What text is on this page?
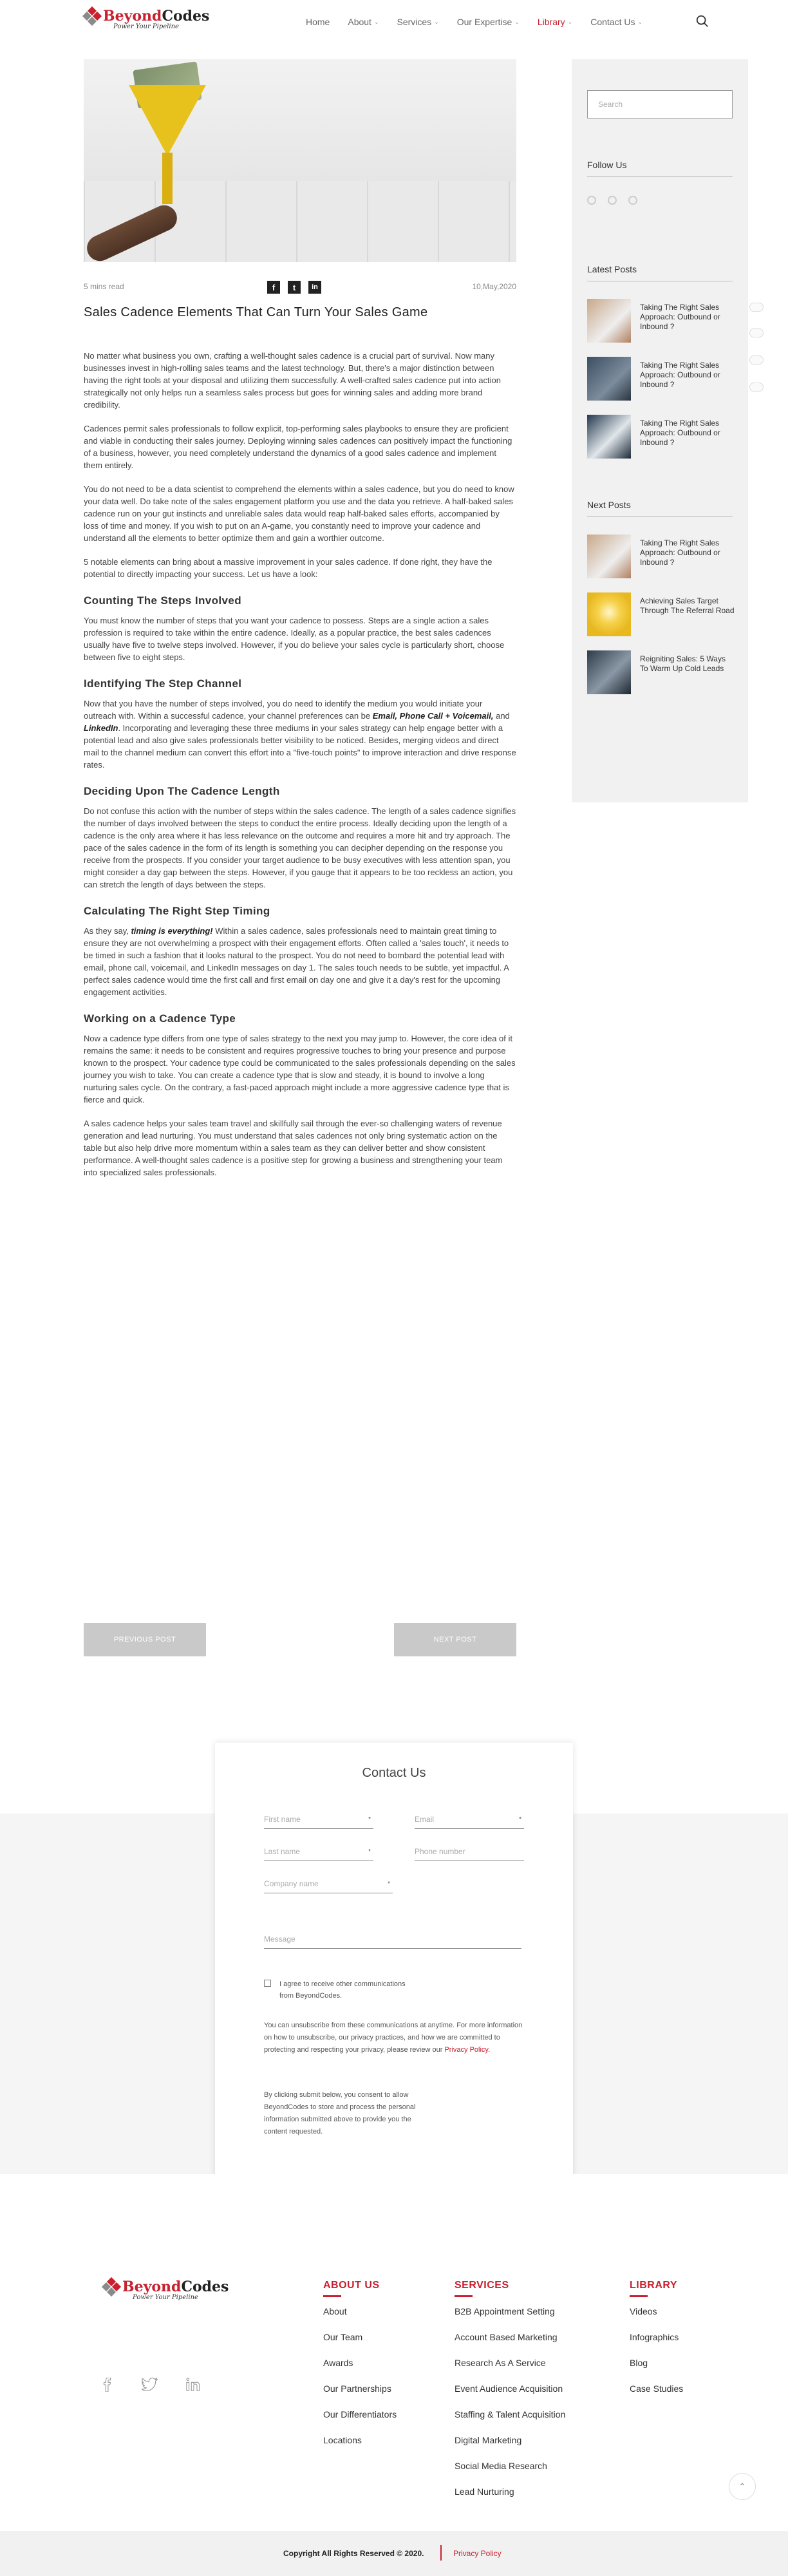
BeyondCodes
Power Your Pipeline	Home About ⌄ Services ⌄ Our Expertise ⌄ Library ⌄ Contact Us ⌄
5 mins read	f	t	in	10,May,2020
Sales Cadence Elements That Can Turn Your Sales Game

No matter what business you own, crafting a well-thought sales cadence is a crucial part of survival. Now many businesses invest in high-rolling sales teams and the latest technology. But, there's a major distinction between having the right tools at your disposal and utilizing them successfully. A well-crafted sales cadence put into action strategically not only helps run a seamless sales process but goes for winning sales and adding more brand credibility.

Cadences permit sales professionals to follow explicit, top-performing sales playbooks to ensure they are proficient and viable in conducting their sales journey. Deploying winning sales cadences can positively impact the functioning of a business, however, you need completely understand the dynamics of a good sales cadence and implement them entirely.

You do not need to be a data scientist to comprehend the elements within a sales cadence, but you do need to know your data well. Do take note of the sales engagement platform you use and the data you retrieve. A half-baked sales cadence run on your gut instincts and unreliable sales data would reap half-baked sales efforts, accompanied by loss of time and money. If you wish to put on an A-game, you constantly need to improve your cadence and understand all the elements to better optimize them and gain a worthier outcome.

5 notable elements can bring about a massive improvement in your sales cadence. If done right, they have the potential to directly impacting your success. Let us have a look:

Counting The Steps Involved

You must know the number of steps that you want your cadence to possess. Steps are a single action a sales profession is required to take within the entire cadence. Ideally, as a popular practice, the best sales cadences usually have five to twelve steps involved. However, if you do believe your sales cycle is particularly short, choose between five to eight steps.

Identifying The Step Channel

Now that you have the number of steps involved, you do need to identify the medium you would initiate your outreach with. Within a successful cadence, your channel preferences can be Email, Phone Call + Voicemail, and LinkedIn. Incorporating and leveraging these three mediums in your sales strategy can help engage better with a potential lead and also give sales professionals better visibility to be noticed. Besides, merging videos and direct mail to the channel medium can convert this effort into a "five-touch points" to improve interaction and drive response rates.

Deciding Upon The Cadence Length

Do not confuse this action with the number of steps within the sales cadence. The length of a sales cadence signifies the number of days involved between the steps to conduct the entire process. Ideally deciding upon the length of a cadence is the only area where it has less relevance on the outcome and requires a more hit and try approach. The pace of the sales cadence in the form of its length is something you can decipher depending on the response you receive from the prospects. If you consider your target audience to be busy executives with less attention span, you might consider a day gap between the steps. However, if you gauge that it appears to be too reckless an action, you can stretch the length of days between the steps.

Calculating The Right Step Timing

As they say, timing is everything! Within a sales cadence, sales professionals need to maintain great timing to ensure they are not overwhelming a prospect with their engagement efforts. Often called a 'sales touch', it needs to be timed in such a fashion that it looks natural to the prospect. You do not need to bombard the potential lead with email, phone call, voicemail, and LinkedIn messages on day 1. The sales touch needs to be subtle, yet impactful. A perfect sales cadence would time the first call and first email on day one and give it a day's rest for the upcoming engagement activities.

Working on a Cadence Type

Now a cadence type differs from one type of sales strategy to the next you may jump to. However, the core idea of it remains the same: it needs to be consistent and requires progressive touches to bring your presence and purpose known to the prospect. Your cadence type could be communicated to the sales professionals depending on the sales journey you wish to take. You can create a cadence type that is slow and steady, it is bound to involve a long nurturing sales cycle. On the contrary, a fast-paced approach might include a more aggressive cadence type that is fierce and quick.

A sales cadence helps your sales team travel and skillfully sail through the ever-so challenging waters of revenue generation and lead nurturing. You must understand that sales cadences not only bring systematic action on the table but also help drive more momentum within a sales team as they can deliver better and show consistent performance. A well-thought sales cadence is a positive step for growing a business and strengthening your team into specialized sales professionals.

PREVIOUS POST	NEXT POST
Search
Follow Us
Latest Posts
Taking The Right Sales Approach: Outbound or Inbound ?
Taking The Right Sales Approach: Outbound or Inbound ?
Taking The Right Sales Approach: Outbound or Inbound ?
Next Posts
Taking The Right Sales Approach: Outbound or Inbound ?
Achieving Sales Target Through The Referral Road
Reigniting Sales: 5 Ways To Warm Up Cold Leads
Contact Us
First name	*	Email	*
Last name	*	Phone number
Company name	*
Message
I agree to receive other communications from BeyondCodes.
You can unsubscribe from these communications at anytime. For more information on how to unsubscribe, our privacy practices, and how we are committed to protecting and respecting your privacy, please review our Privacy Policy.
By clicking submit below, you consent to allow BeyondCodes to store and process the personal information submitted above to provide you the content requested.
BeyondCodes
Power Your Pipeline
ABOUT US
About
Our Team
Awards
Our Partnerships
Our Differentiators
Locations
SERVICES
B2B Appointment Setting
Account Based Marketing
Research As A Service
Event Audience Acquisition
Staffing & Talent Acquisition
Digital Marketing
Social Media Research
Lead Nurturing
LIBRARY
Videos
Infographics
Blog
Case Studies
⌃
Copyright All Rights Reserved © 2020.	Privacy Policy
